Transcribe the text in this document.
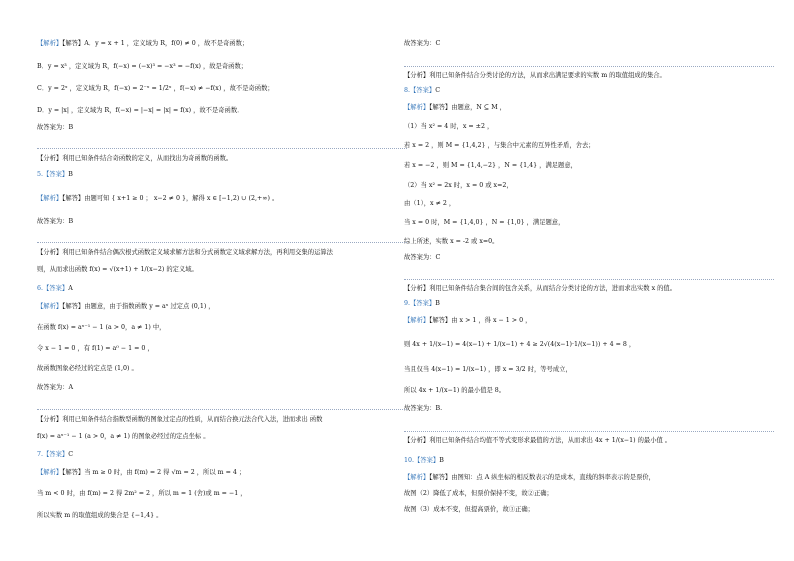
【解析】【解答】A．y = x + 1 ，定义域为 R，f(0) ≠ 0 ，故不是奇函数；
B．y = x³ ，定义域为 R，f(−x) = (−x)³ = −x³ = −f(x) ，故是奇函数；
C．y = 2ˣ ，定义域为 R，f(−x) = 2⁻ˣ = 1/2ˣ ，f(−x) ≠ −f(x) ，故不是奇函数；
D．y = |x| ，定义域为 R，f(−x) = |−x| = |x| = f(x) ，故不是奇函数．
故答案为：B
【分析】利用已知条件结合奇函数的定义，从而找出为奇函数的函数。
5.【答案】B
【解析】【解答】由题可知 { x+1 ≥ 0 ； x−2 ≠ 0 }，解得 x ∈ [−1,2) ∪ (2,+∞) 。
故答案为：B
【分析】利用已知条件结合偶次根式函数定义域求解方法和分式函数定义域求解方法，再利用交集的运算法
则，从而求出函数 f(x) = √(x+1) + 1/(x−2) 的定义域。
6.【答案】A
【解析】【解答】由题意，由于指数函数 y = aˣ 过定点 (0,1) ，
在函数 f(x) = aˣ⁻¹ − 1 (a > 0，a ≠ 1) 中，
令 x − 1 = 0 ，有 f(1) = a⁰ − 1 = 0 ，
故函数图象必经过的定点是 (1,0) 。
故答案为：A
【分析】利用已知条件结合指数型函数的图象过定点的性质，从而结合换元法合代入法，进而求出 函数
f(x) = aˣ⁻¹ − 1 (a > 0，a ≠ 1) 的图象必经过的定点坐标 。
7.【答案】C
【解析】【解答】当 m ≥ 0 时，由 f(m) = 2 得 √m = 2 ，所以 m = 4 ；
当 m < 0 时，由 f(m) = 2 得 2m² = 2 ，所以 m = 1 (舍)或 m = −1 ，
所以实数 m 的取值组成的集合是 {−1,4} 。
故答案为：C
【分析】利用已知条件结合分类讨论的方法，从而求出满足要求的实数 m 的取值组成的集合。
8.【答案】C
【解析】【解答】由题意，N ⊆ M ，
（1）当 x² = 4 时，x = ±2 ，
若 x = 2 ，则 M = {1,4,2} ，与集合中元素的互异性矛盾，舍去；
若 x = −2 ，则 M = {1,4,−2} ，N = {1,4} ，满足题意，
（2）当 x² = 2x 时，x = 0 或 x=2，
由（1），x ≠ 2 ，
当 x = 0 时，M = {1,4,0} ，N = {1,0} ，满足题意，
综上所述，实数 x = -2 或 x=0。
故答案为：C
【分析】利用已知条件结合集合间的包含关系，从而结合分类讨论的方法，进而求出实数 x 的值。
9.【答案】B
【解析】【解答】由 x > 1 ，得 x − 1 > 0 ，
则 4x + 1/(x−1) = 4(x−1) + 1/(x−1) + 4 ≥ 2√(4(x−1)·1/(x−1)) + 4 = 8 ，
当且仅当 4(x−1) = 1/(x−1) ，即 x = 3/2 时，等号成立，
所以 4x + 1/(x−1) 的最小值是 8。
故答案为：B.
【分析】利用已知条件结合均值不等式变形求最值的方法，从而求出 4x + 1/(x−1) 的最小值 。
10.【答案】B
【解析】【解答】由图知：点 A 纵坐标的相反数表示的是成本，直线的斜率表示的是票价，
故图（2）降低了成本，但票价保持不变，故②正确；
故图（3）成本不变，但提高票价，故③正确；
